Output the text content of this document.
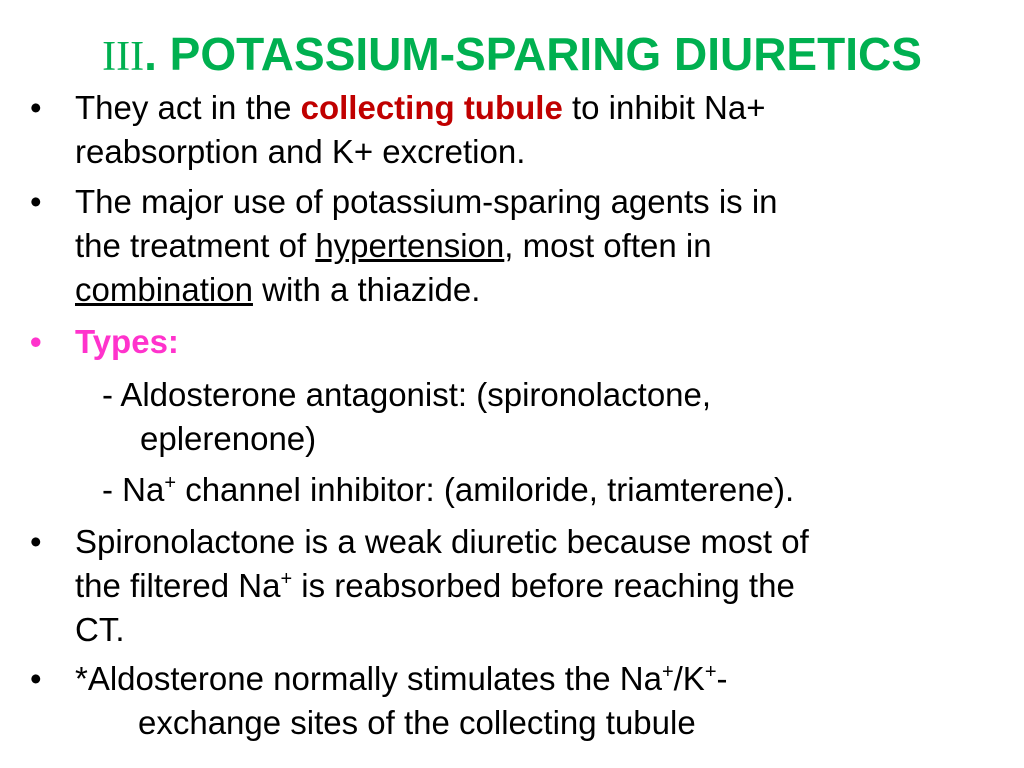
III. POTASSIUM-SPARING DIURETICS
• They act in the collecting tubule to inhibit Na+
reabsorption and K+ excretion.
• The major use of potassium-sparing agents is in
the treatment of hypertension, most often in
combination with a thiazide.
• Types:
- Aldosterone antagonist: (spironolactone,
eplerenone)
- Na+ channel inhibitor: (amiloride, triamterene).
• Spironolactone is a weak diuretic because most of
the filtered Na+ is reabsorbed before reaching the
CT.
• *Aldosterone normally stimulates the Na+/K+-
exchange sites of the collecting tubule
